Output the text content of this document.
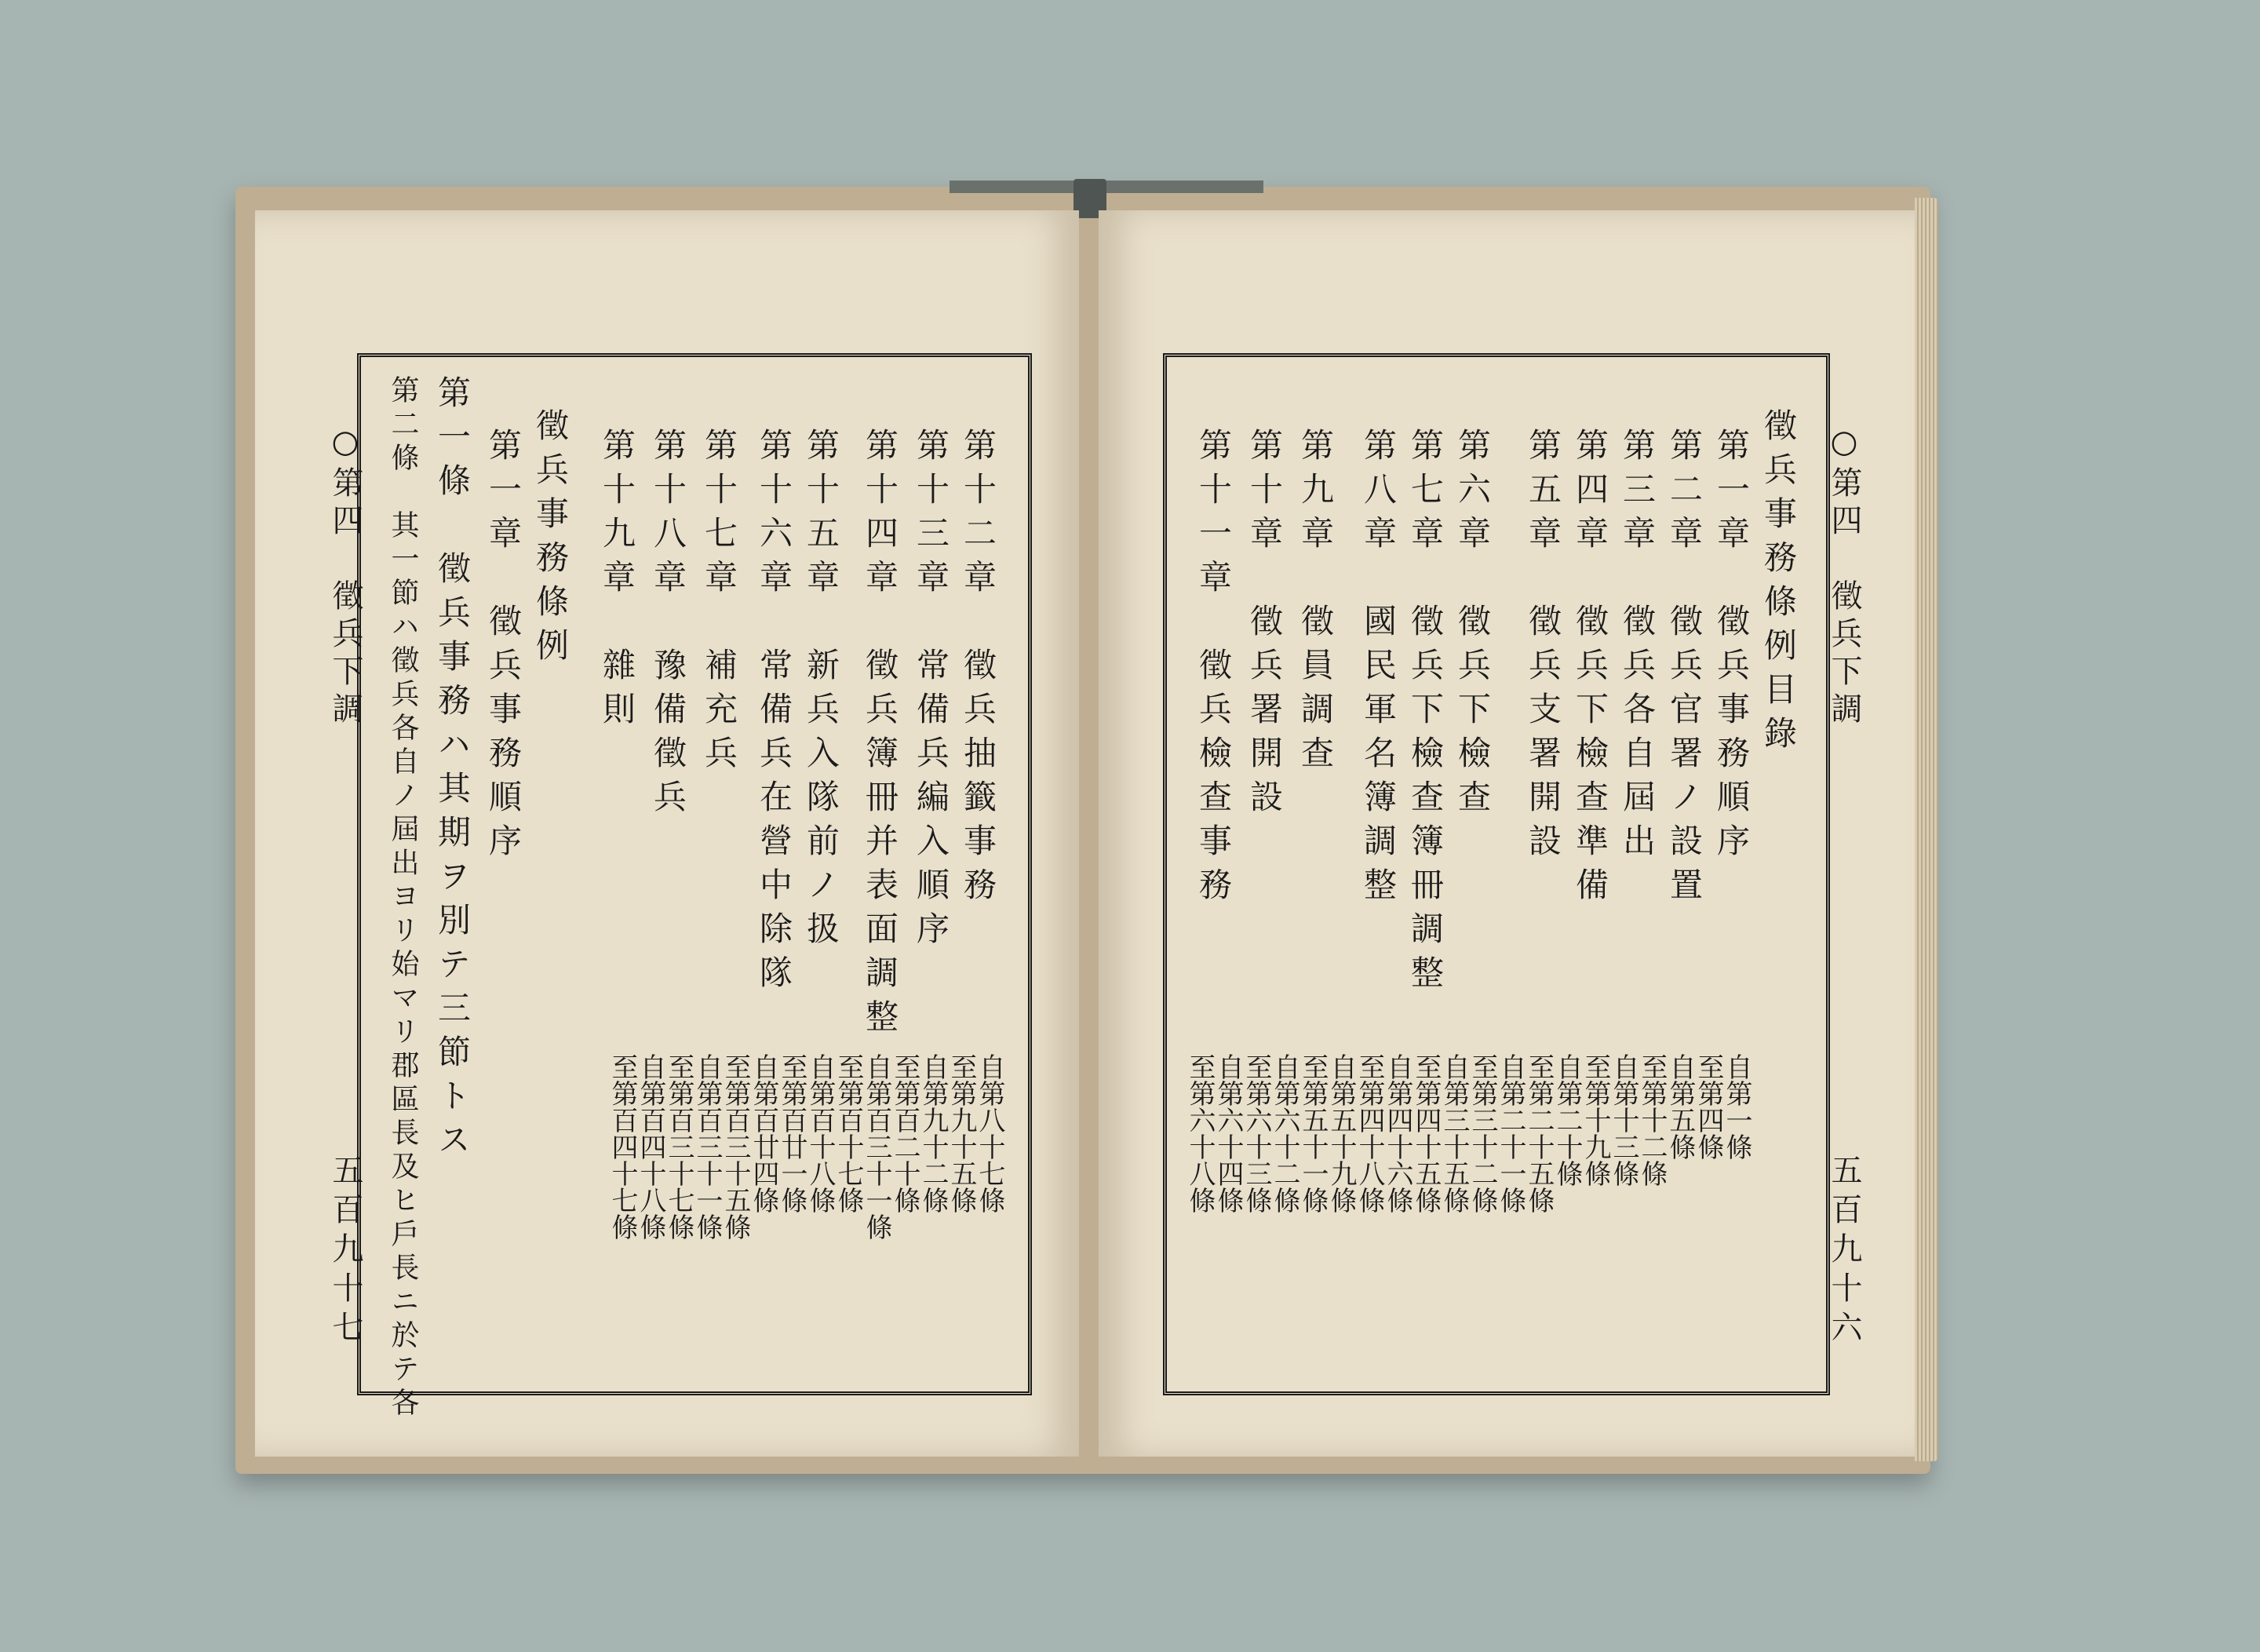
○第四　徵兵下調
五百九十六
徵兵事務條例目錄
第一章　徵兵事務順序
第二章　徵兵官署ノ設置
第三章　徵兵各自屆出
第四章　徵兵下檢查準備
第五章　徵兵支署開設
第六章　徵兵下檢查
第七章　徵兵下檢查簿冊調整
第八章　國民軍名簿調整
第九章　徵員調查
第十章　徵兵署開設
第十一章　徵兵檢查事務
自第一條
至第四條
自第五條
至第十二條
自第十三條
至第十九條
自第二十條
至第二十五條
自第二十一條
至第三十二條
自第三十五條
至第四十五條
自第四十六條
至第四十八條
自第五十九條
至第五十一條
自第六十二條
至第六十三條
自第六十四條
至第六十八條
第十二章　徵兵抽籤事務
第十三章　常備兵編入順序
第十四章　徵兵簿冊并表面調整
第十五章　新兵入隊前ノ扱
第十六章　常備兵在營中除隊
第十七章　補充兵
第十八章　豫備徵兵
第十九章　雜則
徵兵事務條例
第一章　徵兵事務順序
第一條　徵兵事務ハ其期ヲ別テ三節トス
第二條　其一節ハ徵兵各自ノ屆出ヨリ始マリ郡區長及ヒ戶長ニ於テ各
○第四　徵兵下調
五百九十七
自第八十七條
至第九十五條
自第九十二條
至第百二十條
自第百三十一條
至第百十七條
自第百十八條
至第百廿一條
自第百廿四條
至第百三十五條
自第百三十一條
至第百三十七條
自第百四十八條
至第百四十七條
